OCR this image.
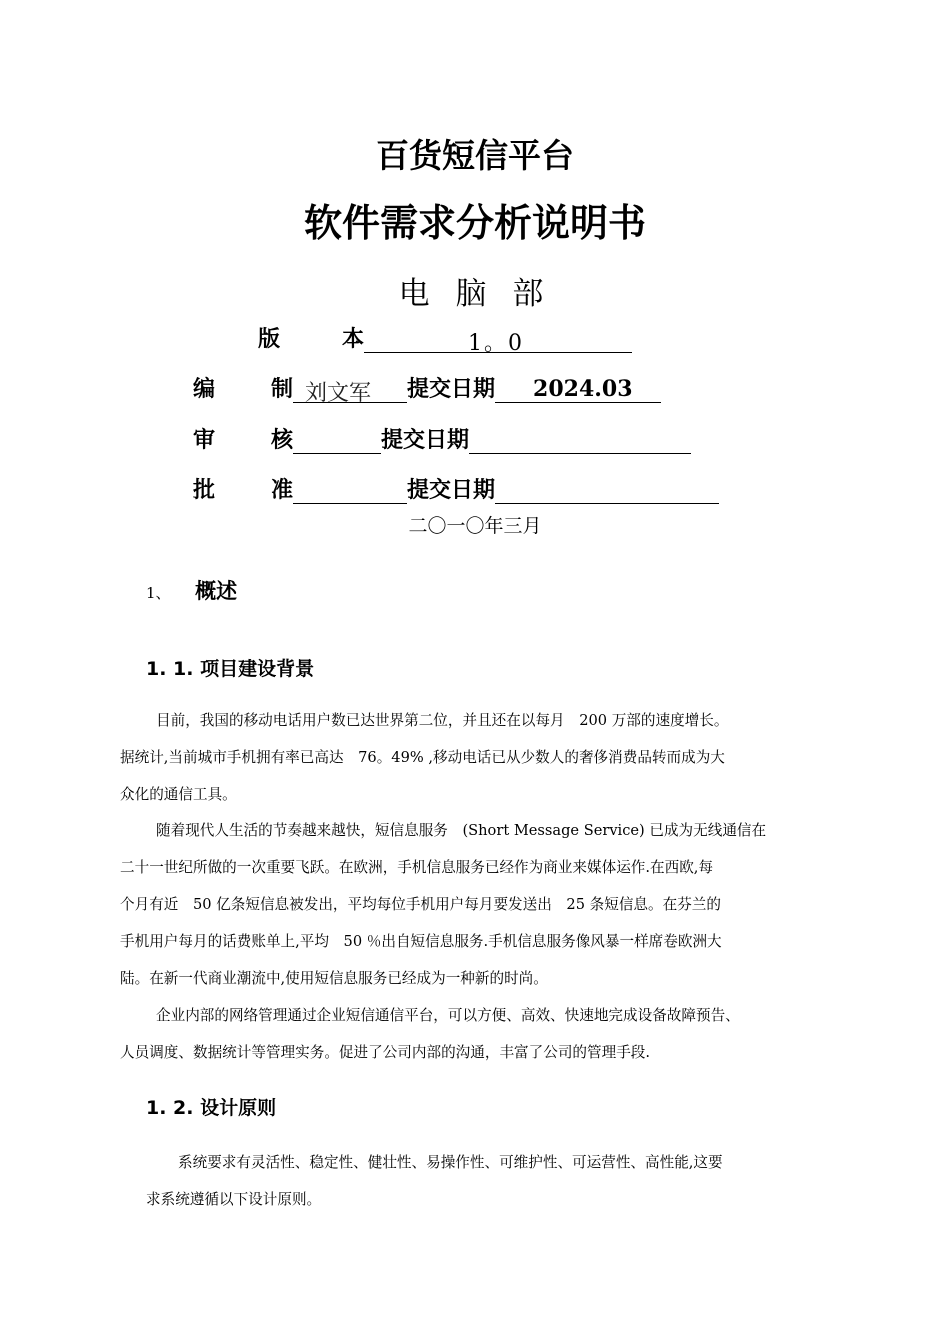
百货短信平台
软件需求分析说明书
电 脑 部
版	本	1。0
编	制 刘文军 提交日期 2024.03
审	核	提交日期
批	准	提交日期
二〇一〇年三月
1、 概述
1. 1. 项目建设背景
目前，我国的移动电话用户数已达世界第二位，并且还在以每月　200 万部的速度增长。
据统计,当前城市手机拥有率已高达　76。49% ,移动电话已从少数人的奢侈消费品转而成为大
众化的通信工具。
随着现代人生活的节奏越来越快，短信息服务　(Short Message Service) 已成为无线通信在
二十一世纪所做的一次重要飞跃。在欧洲，手机信息服务已经作为商业来媒体运作.在西欧,每
个月有近　50 亿条短信息被发出，平均每位手机用户每月要发送出　25 条短信息。在芬兰的
手机用户每月的话费账单上,平均　50 ％出自短信息服务.手机信息服务像风暴一样席卷欧洲大
陆。在新一代商业潮流中,使用短信息服务已经成为一种新的时尚。
企业内部的网络管理通过企业短信通信平台，可以方便、高效、快速地完成设备故障预告、
人员调度、数据统计等管理实务。促进了公司内部的沟通，丰富了公司的管理手段.
1. 2. 设计原则
系统要求有灵活性、稳定性、健壮性、易操作性、可维护性、可运营性、高性能,这要
求系统遵循以下设计原则。
